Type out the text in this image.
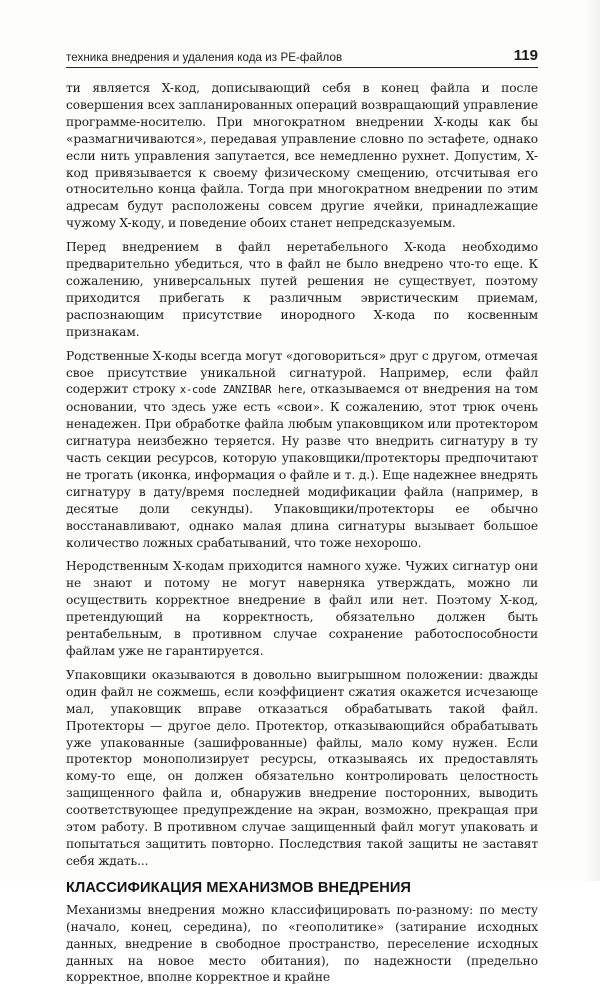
техника внедрения и удаления кода из PE-файлов	119

ти является X-код, дописывающий себя в конец файла и после совершения всех запланированных операций возвращающий управление программе-носителю. При многократном внедрении X-коды как бы «размагничиваются», передавая управление словно по эстафете, однако если нить управления запутается, все немедленно рухнет. Допустим, X-код привязывается к своему физическому смещению, отсчитывая его относительно конца файла. Тогда при многократном внедрении по этим адресам будут расположены совсем другие ячейки, принадлежащие чужому X-коду, и поведение обоих станет непредсказуемым.

Перед внедрением в файл неретабельного X-кода необходимо предварительно убедиться, что в файл не было внедрено что-то еще. К сожалению, универсальных путей решения не существует, поэтому приходится прибегать к различным эвристическим приемам, распознающим присутствие инородного X-кода по косвенным признакам.

Родственные X-коды всегда могут «договориться» друг с другом, отмечая свое присутствие уникальной сигнатурой. Например, если файл содержит строку x-code ZANZIBAR here, отказываемся от внедрения на том основании, что здесь уже есть «свои». К сожалению, этот трюк очень ненадежен. При обработке файла любым упаковщиком или протектором сигнатура неизбежно теряется. Ну разве что внедрить сигнатуру в ту часть секции ресурсов, которую упаковщики/протекторы предпочитают не трогать (иконка, информация о файле и т. д.). Еще надежнее внедрять сигнатуру в дату/время последней модификации файла (например, в десятые доли секунды). Упаковщики/протекторы ее обычно восстанавливают, однако малая длина сигнатуры вызывает большое количество ложных срабатываний, что тоже нехорошо.

Неродственным X-кодам приходится намного хуже. Чужих сигнатур они не знают и потому не могут наверняка утверждать, можно ли осуществить корректное внедрение в файл или нет. Поэтому X-код, претендующий на корректность, обязательно должен быть рентабельным, в противном случае сохранение работоспособности файлам уже не гарантируется.

Упаковщики оказываются в довольно выигрышном положении: дважды один файл не сожмешь, если коэффициент сжатия окажется исчезающе мал, упаковщик вправе отказаться обрабатывать такой файл. Протекторы — другое дело. Протектор, отказывающийся обрабатывать уже упакованные (зашифрованные) файлы, мало кому нужен. Если протектор монополизирует ресурсы, отказываясь их предоставлять кому-то еще, он должен обязательно контролировать целостность защищенного файла и, обнаружив внедрение посторонних, выводить соответствующее предупреждение на экран, возможно, прекращая при этом работу. В противном случае защищенный файл могут упаковать и попытаться защитить повторно. Последствия такой защиты не заставят себя ждать...

КЛАССИФИКАЦИЯ МЕХАНИЗМОВ ВНЕДРЕНИЯ

Механизмы внедрения можно классифицировать по-разному: по месту (начало, конец, середина), по «геополитике» (затирание исходных данных, внедрение в свободное пространство, переселение исходных данных на новое место обитания), по надежности (предельно корректное, вполне корректное и крайне
